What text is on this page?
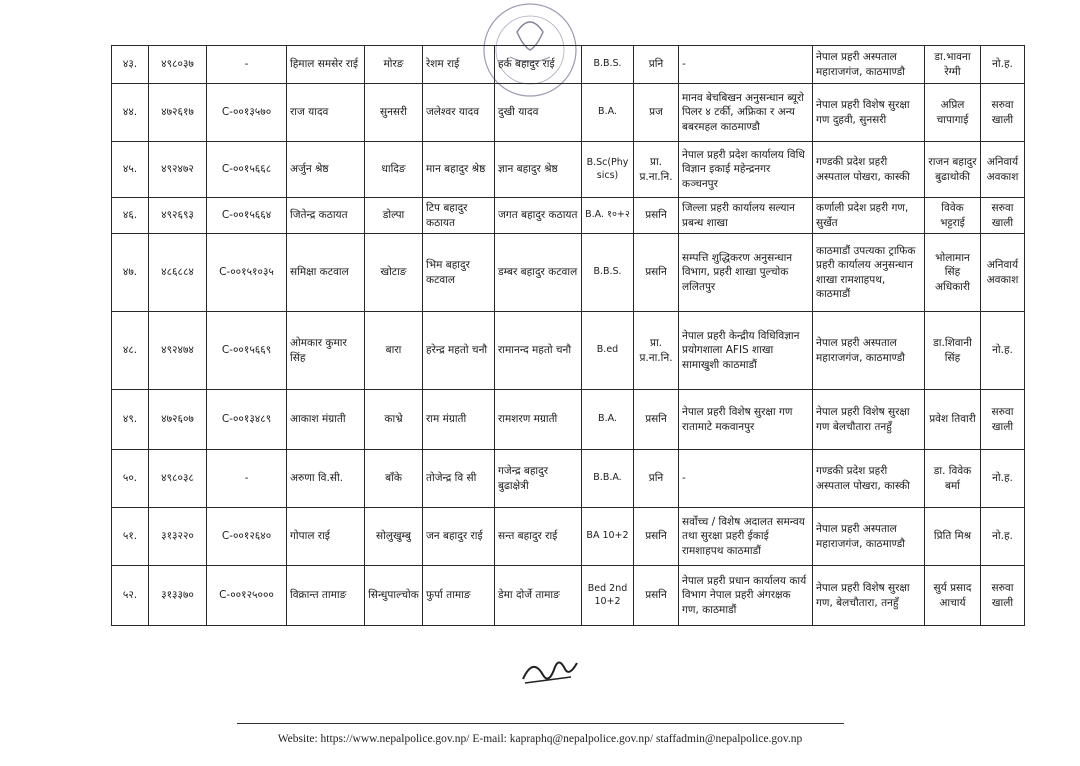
४३.	४९८०३७	-	हिमाल समसेर राई	मोरङ	रेशम राई	हर्क बहादुर राई	B.B.S.	प्रनि	-	नेपाल प्रहरी अस्पताल महाराजगंज, काठमाण्डौ	डा.भावना रेग्मी	नो.ह.
४४.	४७२६१७	C-००१३५७०	राज यादव	सुनसरी	जलेश्वर यादव	दुखी यादव	B.A.	प्रज	मानव बेचबिखन अनुसन्धान ब्यूरो पिलर ४ टर्की, अफ्रिका र अन्य बबरमहल काठमाण्डौ	नेपाल प्रहरी विशेष सुरक्षा गण दुहवी, सुनसरी	अप्रिल चापागाई	सरुवा खाली
४५.	४९२४७२	C-००१५६६८	अर्जुन श्रेष्ठ	धादिङ	मान बहादुर श्रेष्ठ	ज्ञान बहादुर श्रेष्ठ	B.Sc(Physics)	प्रा. प्र.ना.नि.	नेपाल प्रहरी प्रदेश कार्यालय विधि विज्ञान इकाई महेन्द्रनगर कञ्चनपुर	गण्डकी प्रदेश प्रहरी अस्पताल पोखरा, कास्की	राजन बहादुर बुढाथोकी	अनिवार्य अवकाश
४६.	४९२६९३	C-००१५६६४	जितेन्द्र कठायत	डोल्पा	टिप बहादुर कठायत	जगत बहादुर कठायत	B.A. १०+२	प्रसनि	जिल्ला प्रहरी कार्यालय सल्यान प्रबन्ध शाखा	कर्णाली प्रदेश प्रहरी गण, सुर्खेत	विवेक भट्टराई	सरुवा खाली
४७.	४८६८८४	C-००१५१०३५	समिक्षा कटवाल	खोटाङ	भिम बहादुर कटवाल	डम्बर बहादुर कटवाल	B.B.S.	प्रसनि	सम्पत्ति शुद्धिकरण अनुसन्धान विभाग, प्रहरी शाखा पुल्चोक ललितपुर	काठमाडौं उपत्यका ट्राफिक प्रहरी कार्यालय अनुसन्धान शाखा रामशाहपथ, काठमाडौं	भोलामान सिंह अधिकारी	अनिवार्य अवकाश
४८.	४९२४७४	C-००१५६६९	ओमकार कुमार सिंह	बारा	हरेन्द्र महतो चनौ	रामानन्द महतो चनौ	B.ed	प्रा. प्र.ना.नि.	नेपाल प्रहरी केन्द्रीय विधिविज्ञान प्रयोगशाला AFIS शाखा सामाखुशी काठमाडौं	नेपाल प्रहरी अस्पताल महाराजगंज, काठमाण्डौ	डा.शिवानी सिंह	नो.ह.
४९.	४७२६०७	C-००१३४८९	आकाश मंग्राती	काभ्रे	राम मंग्राती	रामशरण मग्राती	B.A.	प्रसनि	नेपाल प्रहरी विशेष सुरक्षा गण रातामाटे मकवानपुर	नेपाल प्रहरी विशेष सुरक्षा गण बेलचौतारा तनहुँ	प्रवेश तिवारी	सरुवा खाली
५०.	४९८०३८	-	अरुणा वि.सी.	बाँके	तोजेन्द्र वि सी	गजेन्द्र बहादुर बुढाक्षेत्री	B.B.A.	प्रनि	-	गण्डकी प्रदेश प्रहरी अस्पताल पोखरा, कास्की	डा. विवेक बर्मा	नो.ह.
५१.	३१३२२०	C-००१२६४०	गोपाल राई	सोलुखुम्बु	जन बहादुर राई	सन्त बहादुर राई	BA 10+2	प्रसनि	सर्वोच्च / विशेष अदालत समन्वय तथा सुरक्षा प्रहरी ईकाई रामशाहपथ काठमाडौं	नेपाल प्रहरी अस्पताल महाराजगंज, काठमाण्डौ	प्रिति मिश्र	नो.ह.
५२.	३१३३७०	C-००१२५०००	विक्रान्त तामाङ	सिन्धुपाल्चोक	फुर्पा तामाङ	डेमा दोर्जे तामाङ	Bed 2nd 10+2	प्रसनि	नेपाल प्रहरी प्रधान कार्यालय कार्य विभाग नेपाल प्रहरी अंगरक्षक गण, काठमाडौं	नेपाल प्रहरी विशेष सुरक्षा गण, बेलचौतारा, तनहुँ	सुर्य प्रसाद आचार्य	सरुवा खाली
Website: https://www.nepalpolice.gov.np/ E-mail: kapraphq@nepalpolice.gov.np/ staffadmin@nepalpolice.gov.np
